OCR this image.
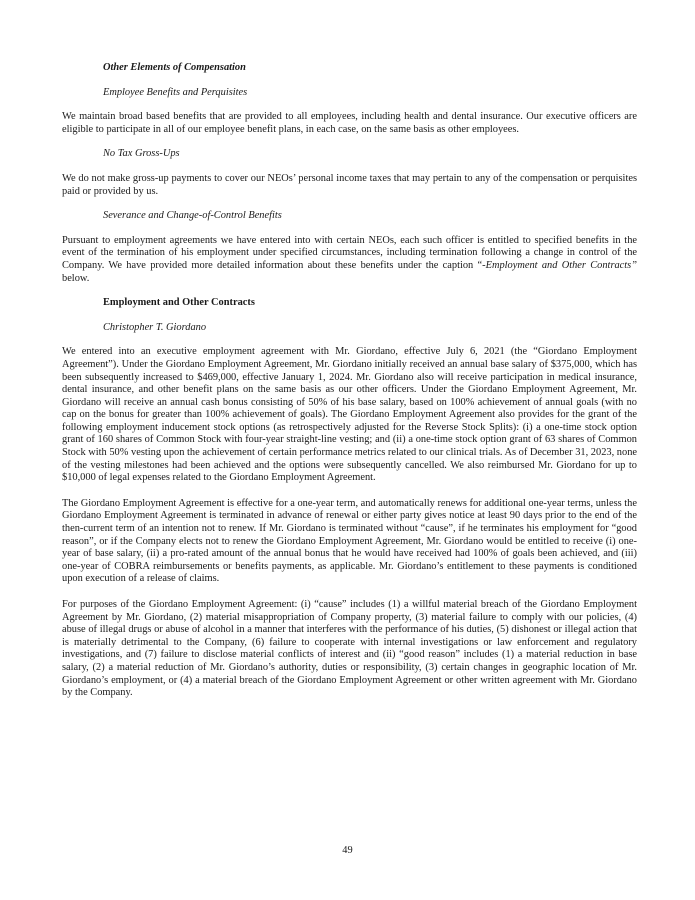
Other Elements of Compensation
Employee Benefits and Perquisites

We maintain broad based benefits that are provided to all employees, including health and dental insurance. Our executive officers are eligible to participate in all of our employee benefit plans, in each case, on the same basis as other employees.

No Tax Gross-Ups

We do not make gross-up payments to cover our NEOs’ personal income taxes that may pertain to any of the compensation or perquisites paid or provided by us.

Severance and Change-of-Control Benefits

Pursuant to employment agreements we have entered into with certain NEOs, each such officer is entitled to specified benefits in the event of the termination of his employment under specified circumstances, including termination following a change in control of the Company. We have provided more detailed information about these benefits under the caption “-Employment and Other Contracts” below.

Employment and Other Contracts
Christopher T. Giordano

We entered into an executive employment agreement with Mr. Giordano, effective July 6, 2021 (the “Giordano Employment Agreement”). Under the Giordano Employment Agreement, Mr. Giordano initially received an annual base salary of $375,000, which has been subsequently increased to $469,000, effective January 1, 2024. Mr. Giordano also will receive participation in medical insurance, dental insurance, and other benefit plans on the same basis as our other officers. Under the Giordano Employment Agreement, Mr. Giordano will receive an annual cash bonus consisting of 50% of his base salary, based on 100% achievement of annual goals (with no cap on the bonus for greater than 100% achievement of goals). The Giordano Employment Agreement also provides for the grant of the following employment inducement stock options (as retrospectively adjusted for the Reverse Stock Splits): (i) a one-time stock option grant of 160 shares of Common Stock with four-year straight-line vesting; and (ii) a one-time stock option grant of 63 shares of Common Stock with 50% vesting upon the achievement of certain performance metrics related to our clinical trials. As of December 31, 2023, none of the vesting milestones had been achieved and the options were subsequently cancelled. We also reimbursed Mr. Giordano for up to $10,000 of legal expenses related to the Giordano Employment Agreement.

The Giordano Employment Agreement is effective for a one-year term, and automatically renews for additional one-year terms, unless the Giordano Employment Agreement is terminated in advance of renewal or either party gives notice at least 90 days prior to the end of the then-current term of an intention not to renew. If Mr. Giordano is terminated without “cause”, if he terminates his employment for “good reason”, or if the Company elects not to renew the Giordano Employment Agreement, Mr. Giordano would be entitled to receive (i) one-year of base salary, (ii) a pro-rated amount of the annual bonus that he would have received had 100% of goals been achieved, and (iii) one-year of COBRA reimbursements or benefits payments, as applicable. Mr. Giordano’s entitlement to these payments is conditioned upon execution of a release of claims.

For purposes of the Giordano Employment Agreement: (i) “cause” includes (1) a willful material breach of the Giordano Employment Agreement by Mr. Giordano, (2) material misappropriation of Company property, (3) material failure to comply with our policies, (4) abuse of illegal drugs or abuse of alcohol in a manner that interferes with the performance of his duties, (5) dishonest or illegal action that is materially detrimental to the Company, (6) failure to cooperate with internal investigations or law enforcement and regulatory investigations, and (7) failure to disclose material conflicts of interest and (ii) “good reason” includes (1) a material reduction in base salary, (2) a material reduction of Mr. Giordano’s authority, duties or responsibility, (3) certain changes in geographic location of Mr. Giordano’s employment, or (4) a material breach of the Giordano Employment Agreement or other written agreement with Mr. Giordano by the Company.

49
